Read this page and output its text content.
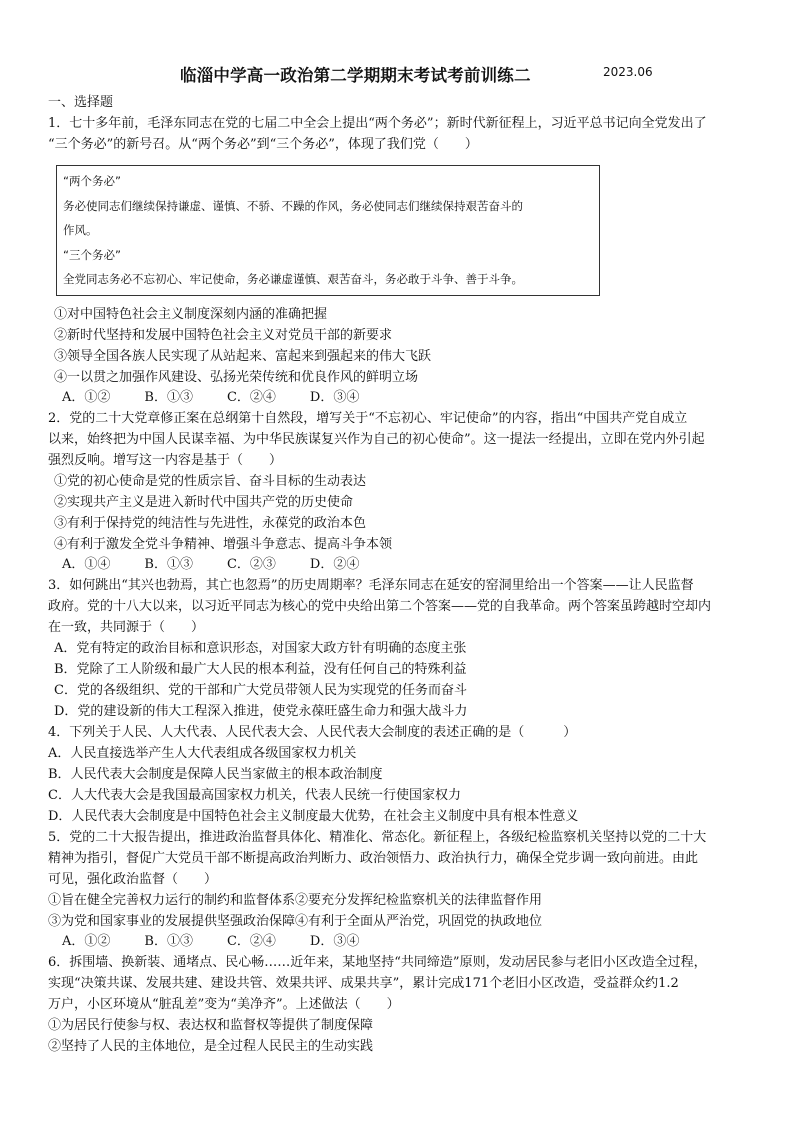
临淄中学高一政治第二学期期末考试考前训练二	2023.06
一、选择题
1．七十多年前，毛泽东同志在党的七届二中全会上提出“两个务必”；新时代新征程上，习近平总书记向全党发出了
“三个务必”的新号召。从“两个务必”到“三个务必”，体现了我们党（　　）
“两个务必”
务必使同志们继续保持谦虚、谨慎、不骄、不躁的作风，务必使同志们继续保持艰苦奋斗的
作风。
“三个务必”
全党同志务必不忘初心、牢记使命，务必谦虚谨慎、艰苦奋斗，务必敢于斗争、善于斗争。
①对中国特色社会主义制度深刻内涵的准确把握
②新时代坚持和发展中国特色社会主义对党员干部的新要求
③领导全国各族人民实现了从站起来、富起来到强起来的伟大飞跃
④一以贯之加强作风建设、弘扬光荣传统和优良作风的鲜明立场
A．①②	B．①③	C．②④	D．③④
2．党的二十大党章修正案在总纲第十自然段，增写关于“不忘初心、牢记使命”的内容，指出“中国共产党自成立
以来，始终把为中国人民谋幸福、为中华民族谋复兴作为自己的初心使命”。这一提法一经提出，立即在党内外引起
强烈反响。增写这一内容是基于（　　）
①党的初心使命是党的性质宗旨、奋斗目标的生动表达
②实现共产主义是进入新时代中国共产党的历史使命
③有利于保持党的纯洁性与先进性，永葆党的政治本色
④有利于激发全党斗争精神、增强斗争意志、提高斗争本领
A．①④	B．①③	C．②③	D．②④
3．如何跳出“其兴也勃焉，其亡也忽焉”的历史周期率？毛泽东同志在延安的窑洞里给出一个答案——让人民监督
政府。党的十八大以来，以习近平同志为核心的党中央给出第二个答案——党的自我革命。两个答案虽跨越时空却内
在一致，共同源于（　　）
A．党有特定的政治目标和意识形态，对国家大政方针有明确的态度主张
B．党除了工人阶级和最广大人民的根本利益，没有任何自己的特殊利益
C．党的各级组织、党的干部和广大党员带领人民为实现党的任务而奋斗
D．党的建设新的伟大工程深入推进，使党永葆旺盛生命力和强大战斗力
4．下列关于人民、人大代表、人民代表大会、人民代表大会制度的表述正确的是（　　　）
A．人民直接选举产生人大代表组成各级国家权力机关
B．人民代表大会制度是保障人民当家做主的根本政治制度
C．人大代表大会是我国最高国家权力机关，代表人民统一行使国家权力
D．人民代表大会制度是中国特色社会主义制度最大优势，在社会主义制度中具有根本性意义
5．党的二十大报告提出，推进政治监督具体化、精准化、常态化。新征程上，各级纪检监察机关坚持以党的二十大
精神为指引，督促广大党员干部不断提高政治判断力、政治领悟力、政治执行力，确保全党步调一致向前进。由此
可见，强化政治监督（　　）
①旨在健全完善权力运行的制约和监督体系②要充分发挥纪检监察机关的法律监督作用
③为党和国家事业的发展提供坚强政治保障④有利于全面从严治党，巩固党的执政地位
A．①②	B．①③	C．②④	D．③④
6．拆围墙、换新装、通堵点、民心畅……近年来，某地坚持“共同缔造”原则，发动居民参与老旧小区改造全过程，
实现“决策共谋、发展共建、建设共管、效果共评、成果共享”，累计完成171个老旧小区改造，受益群众约1.2
万户，小区环境从“脏乱差”变为“美净齐”。上述做法（　　）
①为居民行使参与权、表达权和监督权等提供了制度保障
②坚持了人民的主体地位，是全过程人民民主的生动实践
